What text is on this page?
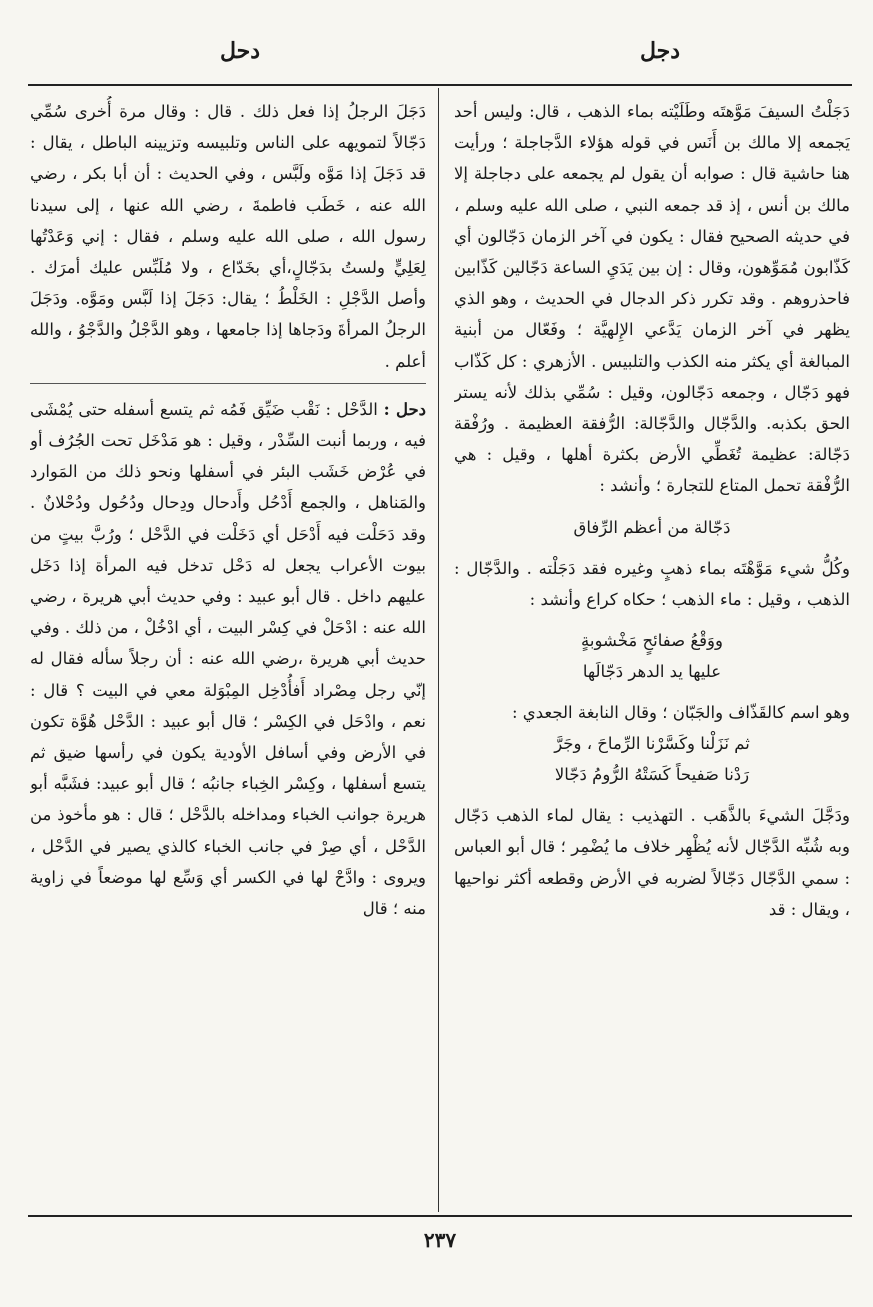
دجل
دحل

دَجَلْتُ السيفَ مَوَّهتَه وطَلَيْته بماء الذهب ، قال: وليس أحد يَجمعه إلا مالك بن أَنَس في قوله هؤلاء الدَّجاجلة ؛ ورأيت هنا حاشية قال : صوابه أن يقول لم يجمعه على دجاجلة إلا مالك بن أنس ، إذ قد جمعه النبي ، صلى الله عليه وسلم ، في حديثه الصحيح فقال : يكون في آخر الزمان دَجّالون أي كَذّابون مُمَوِّهون، وقال : إن بين يَدَيِ الساعة دَجّالين كَذّابين فاحذروهم . وقد تكرر ذكر الدجال في الحديث ، وهو الذي يظهر في آخر الزمان يَدَّعي الإِلهيَّة ؛ وفَعّال من أبنية المبالغة أي يكثر منه الكذب والتلبيس . الأزهري : كل كَذّاب فهو دَجّال ، وجمعه دَجّالون، وقيل : سُمِّي بذلك لأنه يستر الحق بكذبه. والدَّجّال والدَّجّالة: الرُّفقة العظيمة . ورُفْقة دَجّالة: عظيمة تُغَطِّي الأرض بكثرة أهلها ، وقيل : هي الرُّفْقة تحمل المتاع للتجارة ؛ وأنشد :

دَجّالة من أعظم الرِّفاق

وكُلُّ شيء مَوَّهْتَه بماء ذهبٍ وغيره فقد دَجَلْته . والدَّجّال : الذهب ، وقيل : ماء الذهب ؛ حكاه كراع وأنشد :

ووَقْعُ صفائحٍ مَخْشوبةٍ

عليها يد الدهر دَجّالَها

وهو اسم كالقَذّاف والجَبّان ؛ وقال النابغة الجعدي :

ثم نَزَلْنا وكَسَّرْنا الرِّماحَ ، وجَرَّ

رَدْنا صَفيحاً كَسَتْهُ الرُّومُ دَجّالا

ودَجَّلَ الشيءَ بالذَّهَب . التهذيب : يقال لماء الذهب دَجّال وبه شُبِّه الدَّجّال لأنه يُظْهِر خلاف ما يُضْمِر ؛ قال أبو العباس : سمي الدَّجّال دَجّالاً لضربه في الأرض وقطعه أكثر نواحيها ، ويقال : قد

دَجَلَ الرجلُ إذا فعل ذلك . قال : وقال مرة أُخرى سُمِّي دَجّالاً لتمويهه على الناس وتلبيسه وتزيينه الباطل ، يقال : قد دَجَلَ إذا مَوَّه ولَبَّس ، وفي الحديث : أن أبا بكر ، رضي الله عنه ، خَطَب فاطمةَ ، رضي الله عنها ، إلى سيدنا رسول الله ، صلى الله عليه وسلم ، فقال : إني وَعَدْتُها لِعَلِيٍّ ولستُ بدَجّالٍ،أي بخَدّاع ، ولا مُلَبِّس عليك أمرَك . وأصل الدَّجْلِ : الخَلْطُ ؛ يقال: دَجَلَ إذا لَبَّس ومَوَّه. ودَجَلَ الرجلُ المرأةَ ودَجاها إذا جامعها ، وهو الدَّجْلُ والدَّجْوُ ، والله أعلم .

دحل : الدَّحْل : نَقْب ضَيِّق فَمُه ثم يتسع أسفله حتى يُمْشَى فيه ، وربما أنبت السِّدْر ، وقيل : هو مَدْخَل تحت الجُرُف أو في عُرْض خَشَب البئر في أسفلها ونحو ذلك من المَوارد والمَناهل ، والجمع أَدْحُل وأَدحال ودِحال ودُحُول ودُحْلانٌ . وقد دَحَلْت فيه أَدْحَل أي دَخَلْت في الدَّحْل ؛ ورُبَّ بيتٍ من بيوت الأعراب يجعل له دَحْل تدخل فيه المرأة إذا دَخَل عليهم داخل . قال أبو عبيد : وفي حديث أبي هريرة ، رضي الله عنه : ادْحَلْ في كِسْر البيت ، أي ادْخُلْ ، من ذلك . وفي حديث أبي هريرة ،رضي الله عنه : أن رجلاً سأله فقال له إنّي رجل مِصْراد أَفأُدْخِل المِبْوَلة معي في البيت ؟ قال : نعم ، وادْحَل في الكِسْر ؛ قال أبو عبيد : الدَّحْل هُوَّة تكون في الأرض وفي أسافل الأودية يكون في رأسها ضيق ثم يتسع أسفلها ، وكِسْر الخِباء جانبُه ؛ قال أبو عبيد: فشَبَّه أبو هريرة جوانب الخباء ومداخله بالدَّحْل ؛ قال : هو مأخوذ من الدَّحْل ، أي صِرْ في جانب الخباء كالذي يصير في الدَّحْل ، ويروى : وادَّحْ لها في الكسر أي وَسِّع لها موضعاً في زاوية منه ؛ قال

٢٣٧
